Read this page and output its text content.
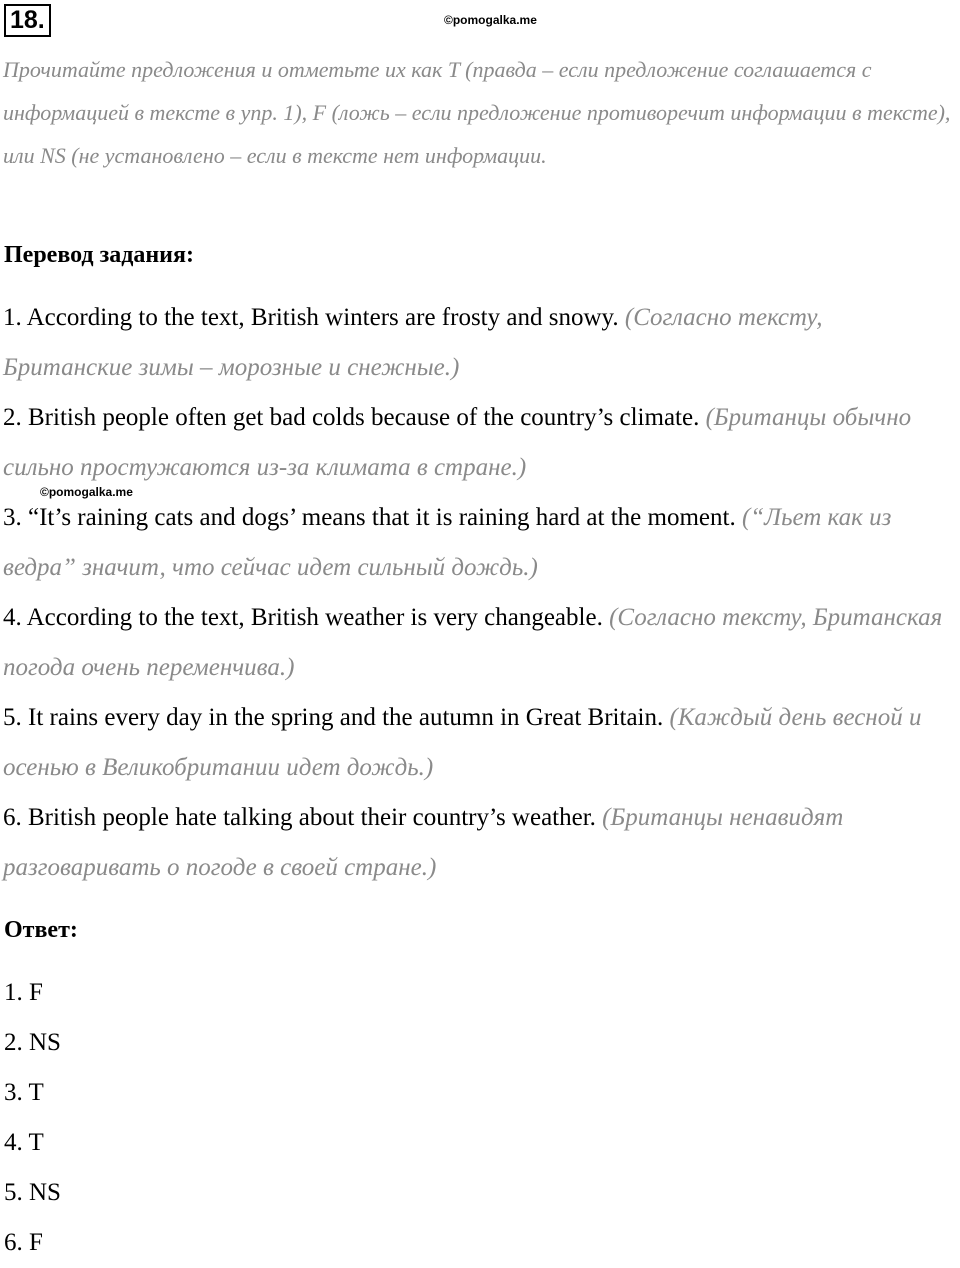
18.	©pomogalka.me

Прочитайте предложения и отметьте их как T (правда – если предложение соглашается с информацией в тексте в упр. 1), F (ложь – если предложение противоречит информации в тексте), или NS (не установлено – если в тексте нет информации.

Перевод задания:
1. According to the text, British winters are frosty and snowy. (Согласно тексту, Британские зимы – морозные и снежные.)
2. British people often get bad colds because of the country’s climate. (Британцы обычно сильно простужаются из-за климата в стране.)
3. “It’s raining cats and dogs’ means that it is raining hard at the moment. (“Льет как из ведра” значит, что сейчас идет сильный дождь.)
4. According to the text, British weather is very changeable. (Согласно тексту, Британская погода очень переменчива.)
5. It rains every day in the spring and the autumn in Great Britain. (Каждый день весной и осенью в Великобритании идет дождь.)
6. British people hate talking about their country’s weather. (Британцы ненавидят разговаривать о погоде в своей стране.)
©pomogalka.me
Ответ:
1. F
2. NS
3. T
4. T
5. NS
6. F
